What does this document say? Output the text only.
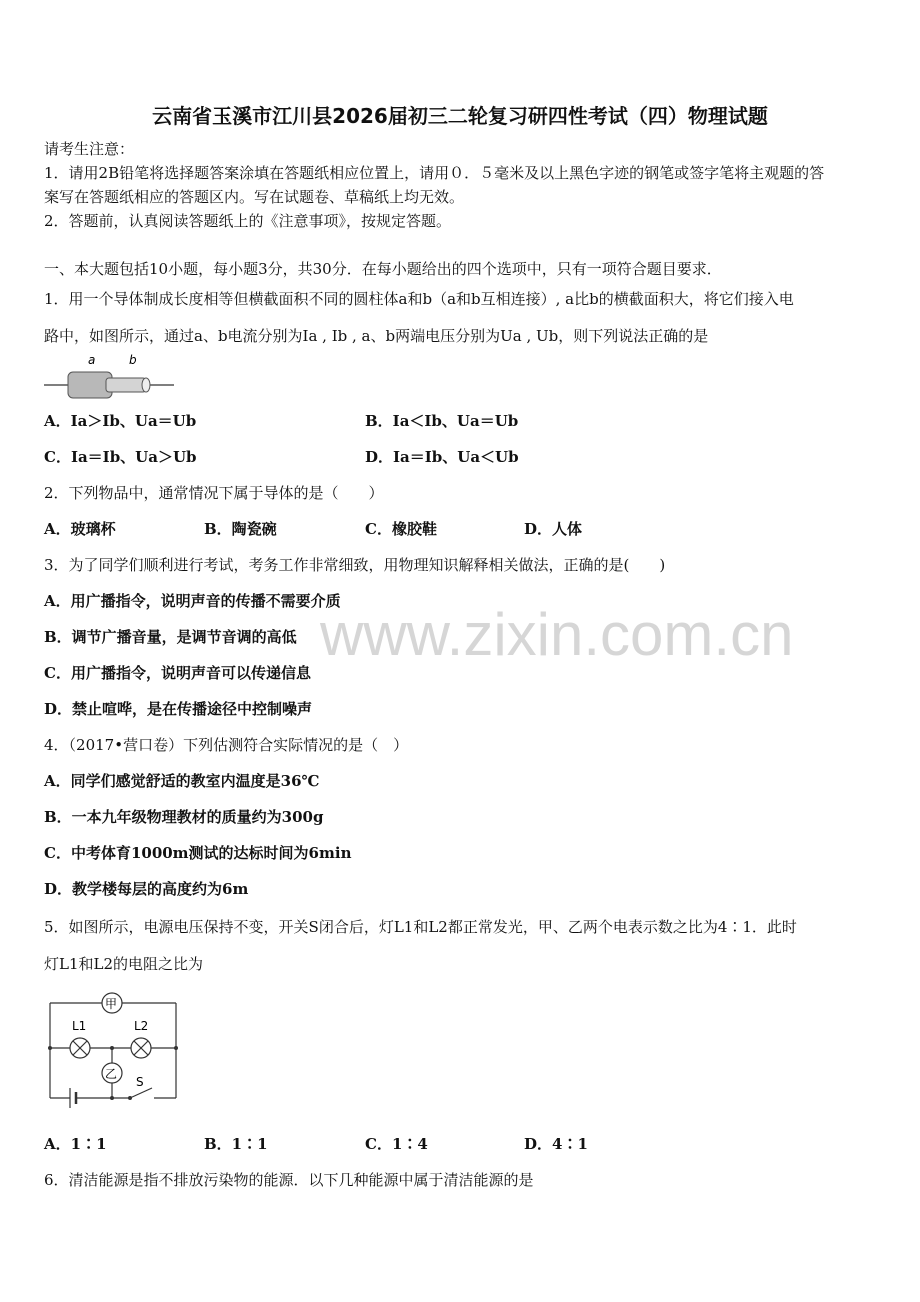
www.zixin.com.cn
云南省玉溪市江川县2026届初三二轮复习研四性考试（四）物理试题
请考生注意：
1．请用2B铅笔将选择题答案涂填在答题纸相应位置上，请用０．５毫米及以上黑色字迹的钢笔或签字笔将主观题的答
案写在答题纸相应的答题区内。写在试题卷、草稿纸上均无效。
2．答题前，认真阅读答题纸上的《注意事项》，按规定答题。
一、本大题包括10小题，每小题3分，共30分．在每小题给出的四个选项中，只有一项符合题目要求．
1．用一个导体制成长度相等但横截面积不同的圆柱体a和b（a和b互相连接）, a比b的横截面积大，将它们接入电
路中，如图所示，通过a、b电流分别为Ia , Ib , a、b两端电压分别为Ua , Ub，则下列说法正确的是
a	b
A．Ia＞Ib、Ua＝Ub	B．Ia＜Ib、Ua＝Ub
C．Ia＝Ib、Ua＞Ub	D．Ia＝Ib、Ua＜Ub
2．下列物品中，通常情况下属于导体的是（　　）
A．玻璃杯	B．陶瓷碗	C．橡胶鞋	D．人体
3．为了同学们顺利进行考试，考务工作非常细致，用物理知识解释相关做法，正确的是(　　)
A．用广播指令，说明声音的传播不需要介质
B．调节广播音量，是调节音调的高低
C．用广播指令，说明声音可以传递信息
D．禁止喧哗，是在传播途径中控制噪声
4．（2017•营口卷）下列估测符合实际情况的是（　）
A．同学们感觉舒适的教室内温度是36℃
B．一本九年级物理教材的质量约为300g
C．中考体育1000m测试的达标时间为6min
D．教学楼每层的高度约为6m
5．如图所示，电源电压保持不变，开关S闭合后，灯L1和L2都正常发光，甲、乙两个电表示数之比为4∶1．此时
灯L1和L2的电阻之比为
甲
乙
L1	L2
S
A．1∶1	B．1∶1	C．1∶4	D．4∶1
6．清洁能源是指不排放污染物的能源．以下几种能源中属于清洁能源的是
